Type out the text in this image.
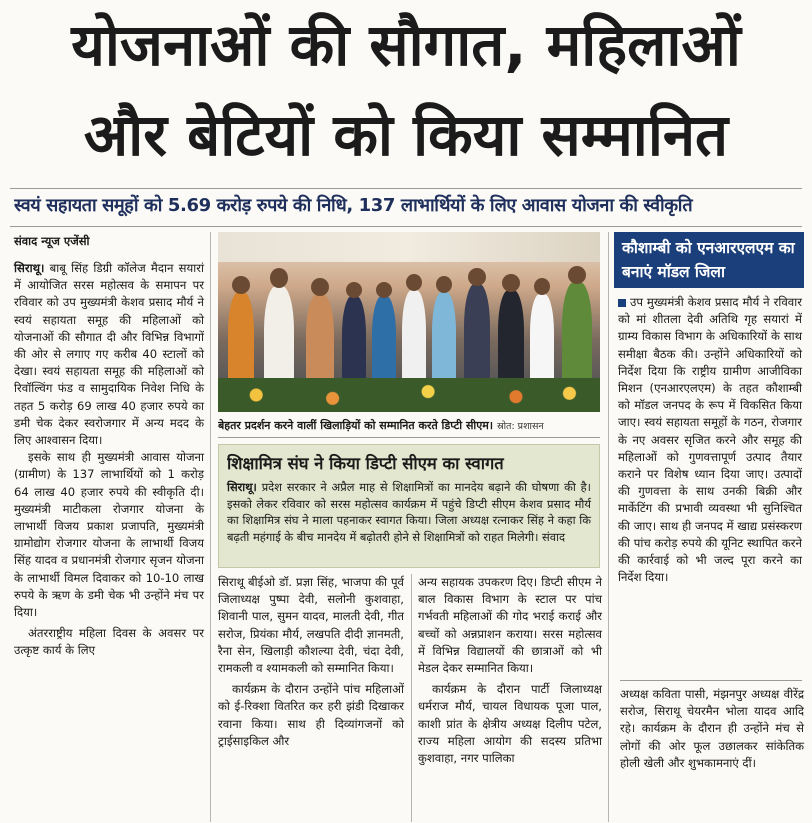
योजनाओं की सौगात, महिलाओं
और बेटियों को किया सम्मानित
स्वयं सहायता समूहों को 5.69 करोड़ रुपये की निधि, 137 लाभार्थियों के लिए आवास योजना की स्वीकृति
संवाद न्यूज एजेंसी

सिराथू। बाबू सिंह डिग्री कॉलेज मैदान सयारां में आयोजित सरस महोत्सव के समापन पर रविवार को उप मुख्यमंत्री केशव प्रसाद मौर्य ने स्वयं सहायता समूह की महिलाओं को योजनाओं की सौगात दी और विभिन्न विभागों की ओर से लगाए गए करीब 40 स्टालों को देखा। स्वयं सहायता समूह की महिलाओं को रिवॉल्विंग फंड व सामुदायिक निवेश निधि के तहत 5 करोड़ 69 लाख 40 हजार रुपये का डमी चेक देकर स्वरोजगार में अन्य मदद के लिए आश्वासन दिया।

इसके साथ ही मुख्यमंत्री आवास योजना (ग्रामीण) के 137 लाभार्थियों को 1 करोड़ 64 लाख 40 हजार रुपये की स्वीकृति दी। मुख्यमंत्री माटीकला रोजगार योजना के लाभार्थी विजय प्रकाश प्रजापति, मुख्यमंत्री ग्रामोद्योग रोजगार योजना के लाभार्थी विजय सिंह यादव व प्रधानमंत्री रोजगार सृजन योजना के लाभार्थी विमल दिवाकर को 10-10 लाख रुपये के ऋण के डमी चेक भी उन्होंने मंच पर दिया।

अंतरराष्ट्रीय महिला दिवस के अवसर पर उत्कृष्ट कार्य के लिए

बेहतर प्रदर्शन करने वालीं खिलाड़ियों को सम्मानित करते डिप्टी सीएम। स्रोत: प्रशासन
शिक्षामित्र संघ ने किया डिप्टी सीएम का स्वागत

सिराथू। प्रदेश सरकार ने अप्रैल माह से शिक्षामित्रों का मानदेय बढ़ाने की घोषणा की है। इसको लेकर रविवार को सरस महोत्सव कार्यक्रम में पहुंचे डिप्टी सीएम केशव प्रसाद मौर्य का शिक्षामित्र संघ ने माला पहनाकर स्वागत किया। जिला अध्यक्ष रत्नाकर सिंह ने कहा कि बढ़ती महंगाई के बीच मानदेय में बढ़ोतरी होने से शिक्षामित्रों को राहत मिलेगी। संवाद

सिराथू बीईओ डॉ. प्रज्ञा सिंह, भाजपा की पूर्व जिलाध्यक्ष पुष्पा देवी, सलोनी कुशवाहा, शिवानी पाल, सुमन यादव, मालती देवी, गीत सरोज, प्रियंका मौर्य, लखपति दीदी ज्ञानमती, रैना सेन, खिलाड़ी कौशल्या देवी, चंदा देवी, रामकली व श्यामकली को सम्मानित किया।

कार्यक्रम के दौरान उन्होंने पांच महिलाओं को ई-रिक्शा वितरित कर हरी झंडी दिखाकर रवाना किया। साथ ही दिव्यांगजनों को ट्राईसाइकिल और

अन्य सहायक उपकरण दिए। डिप्टी सीएम ने बाल विकास विभाग के स्टाल पर पांच गर्भवती महिलाओं की गोद भराई कराई और बच्चों को अन्नप्राशन कराया। सरस महोत्सव में विभिन्न विद्यालयों की छात्राओं को भी मेडल देकर सम्मानित किया।

कार्यक्रम के दौरान पार्टी जिलाध्यक्ष धर्मराज मौर्य, चायल विधायक पूजा पाल, काशी प्रांत के क्षेत्रीय अध्यक्ष दिलीप पटेल, राज्य महिला आयोग की सदस्य प्रतिभा कुशवाहा, नगर पालिका

कौशाम्बी को एनआरएलएम का बनाएं मॉडल जिला
उप मुख्यमंत्री केशव प्रसाद मौर्य ने रविवार को मां शीतला देवी अतिथि गृह सयारां में ग्राम्य विकास विभाग के अधिकारियों के साथ समीक्षा बैठक की। उन्होंने अधिकारियों को निर्देश दिया कि राष्ट्रीय ग्रामीण आजीविका मिशन (एनआरएलएम) के तहत कौशाम्बी को मॉडल जनपद के रूप में विकसित किया जाए। स्वयं सहायता समूहों के गठन, रोजगार के नए अवसर सृजित करने और समूह की महिलाओं को गुणवत्तापूर्ण उत्पाद तैयार कराने पर विशेष ध्यान दिया जाए। उत्पादों की गुणवत्ता के साथ उनकी बिक्री और मार्केटिंग की प्रभावी व्यवस्था भी सुनिश्चित की जाए। साथ ही जनपद में खाद्य प्रसंस्करण की पांच करोड़ रुपये की यूनिट स्थापित करने की कार्रवाई को भी जल्द पूरा करने का निर्देश दिया।

अध्यक्ष कविता पासी, मंझनपुर अध्यक्ष वीरेंद्र सरोज, सिराथू चेयरमैन भोला यादव आदि रहे। कार्यक्रम के दौरान ही उन्होंने मंच से लोगों की ओर फूल उछालकर सांकेतिक होली खेली और शुभकामनाएं दीं।
